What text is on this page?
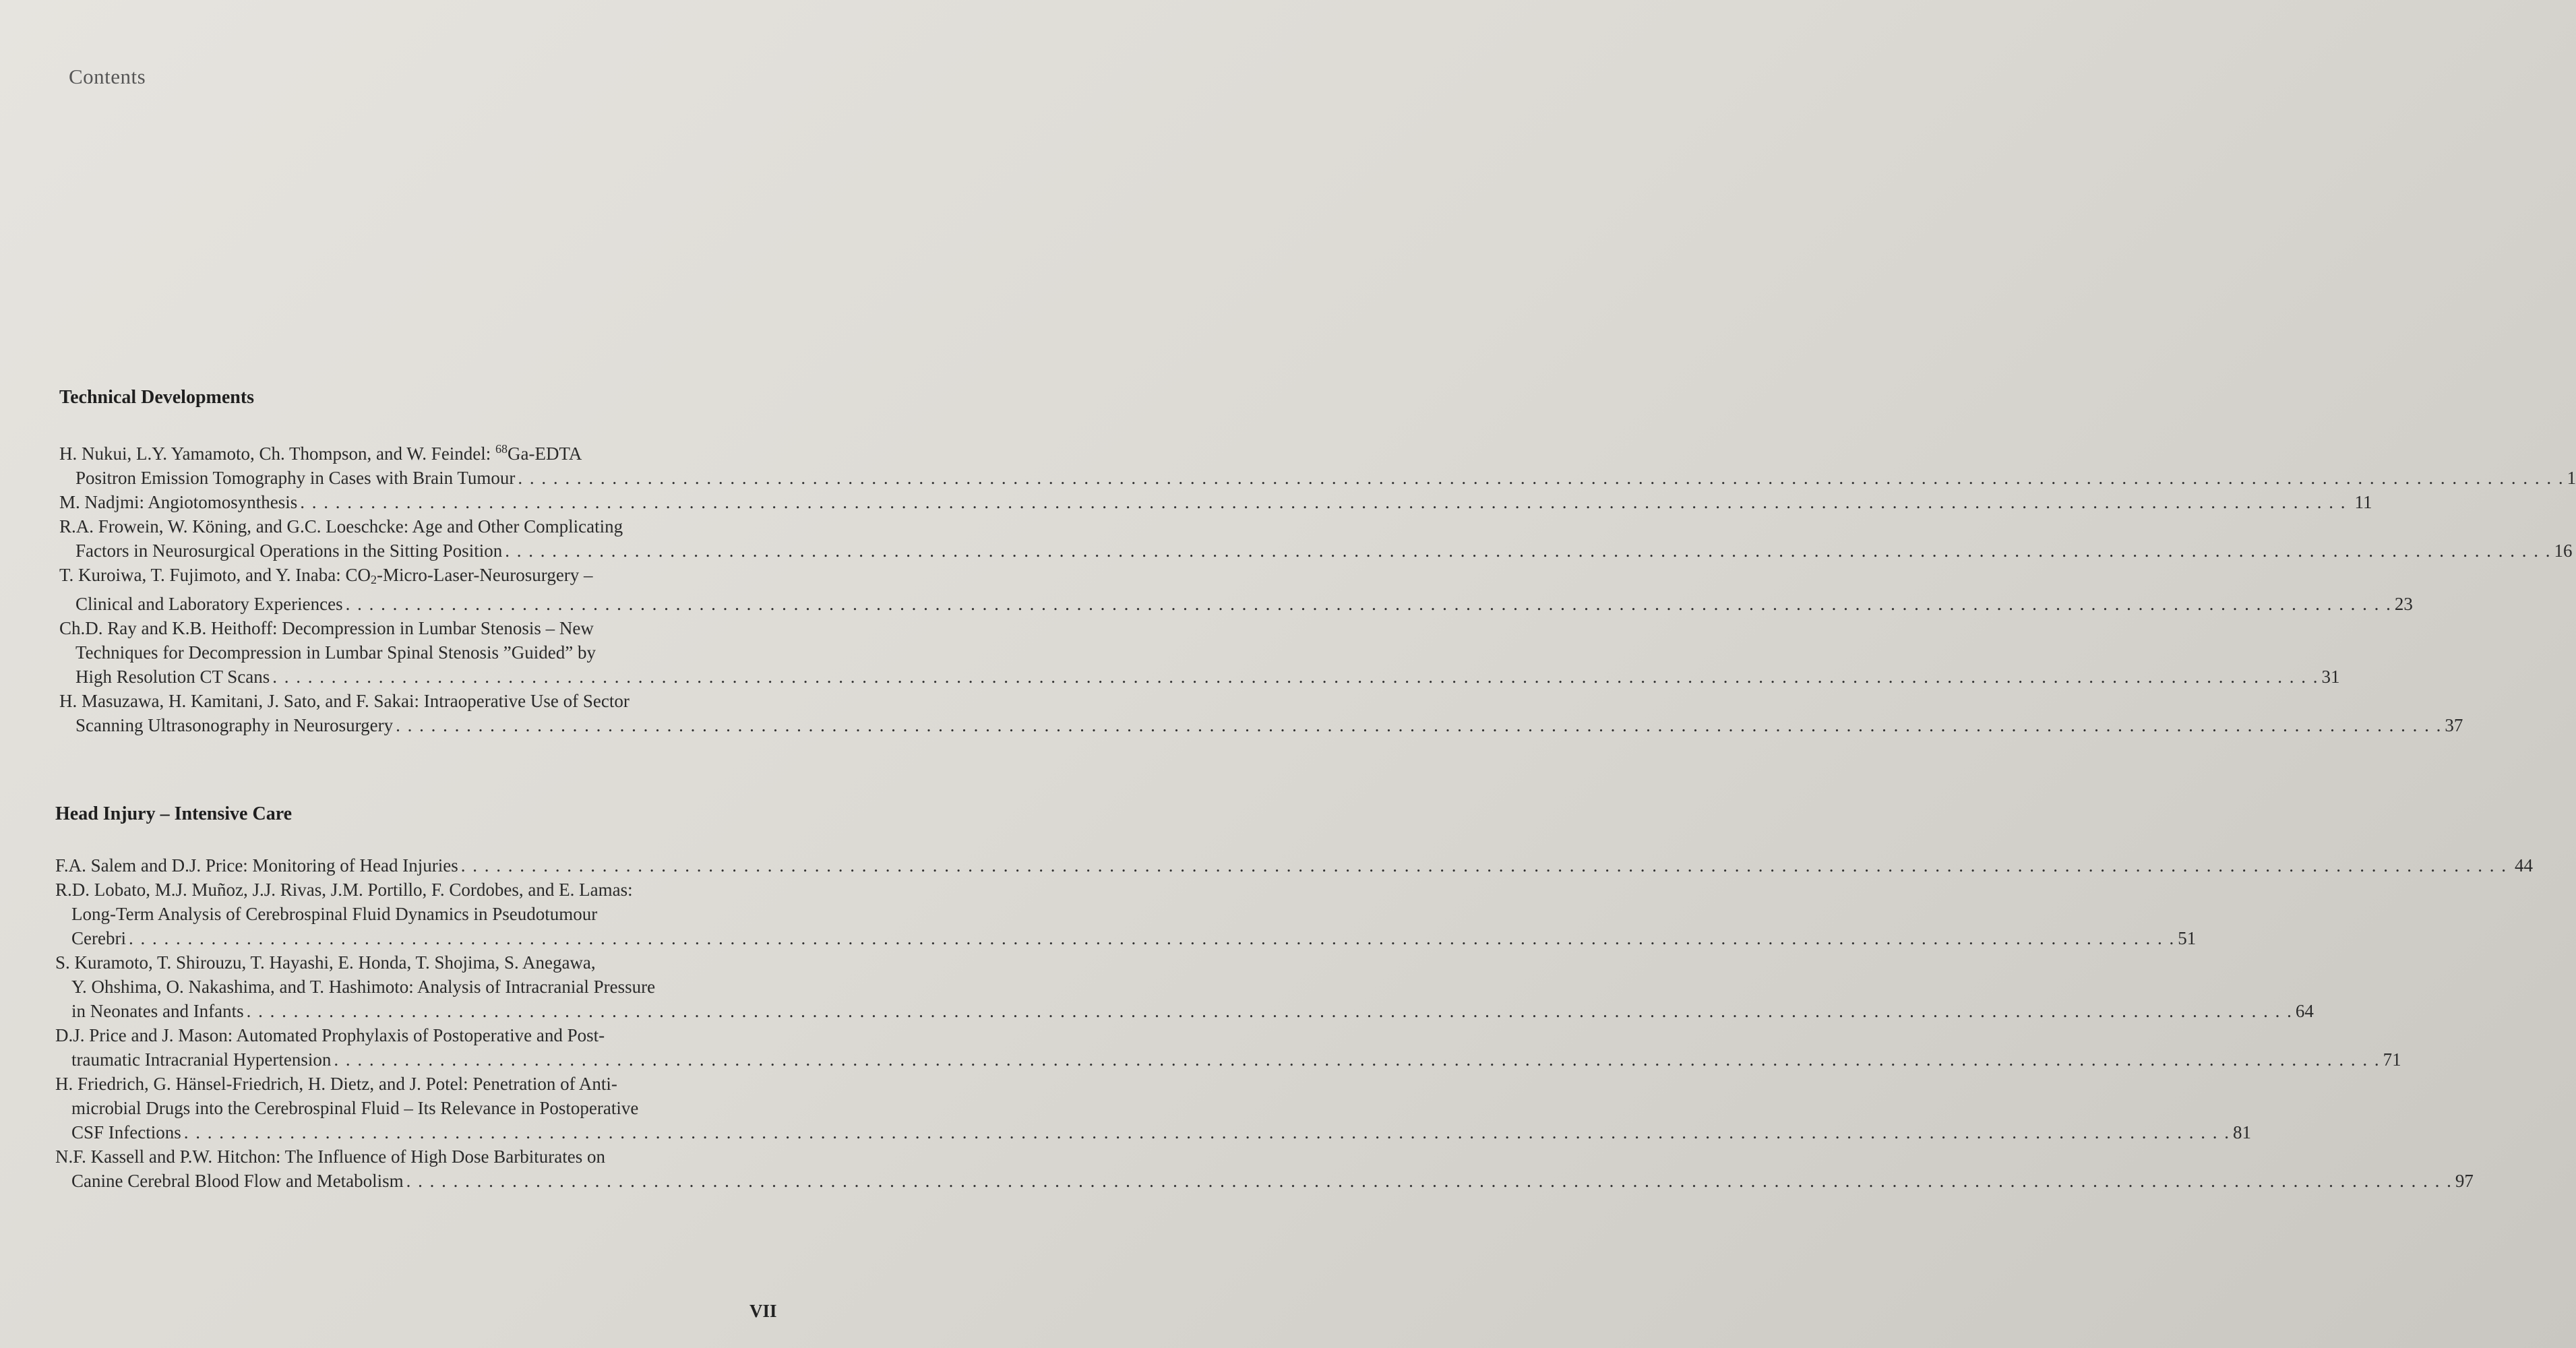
Contents
Technical Developments
H. Nukui, L.Y. Yamamoto, Ch. Thompson, and W. Feindel: $^{68}$Ga-EDTA
Positron Emission Tomography in Cases with Brain Tumour . . .	1
M. Nadjmi: Angiotomosynthesis . . .	11
R.A. Frowein, W. Köning, and G.C. Loeschcke: Age and Other Complicating
Factors in Neurosurgical Operations in the Sitting Position . . .	16
T. Kuroiwa, T. Fujimoto, and Y. Inaba: $CO_2-Micro-Laser$-Neurosurgery –
Clinical and Laboratory Experiences . . .	23
Ch.D. Ray and K.B. Heithoff: Decompression in Lumbar Stenosis – New
Techniques for Decompression in Lumbar Spinal Stenosis ”Guided” by
High Resolution CT Scans . . .	31
H. Masuzawa, H. Kamitani, J. Sato, and F. Sakai: Intraoperative Use of Sector
Scanning Ultrasonography in Neurosurgery . . .	37
Head Injury – Intensive Care
F.A. Salem and D.J. Price: Monitoring of Head Injuries . . .	44
R.D. Lobato, M.J. Muñoz, J.J. Rivas, J.M. Portillo, F. Cordobes, and E. Lamas:
Long-Term Analysis of Cerebrospinal Fluid Dynamics in Pseudotumour
Cerebri . . .	51
S. Kuramoto, T. Shirouzu, T. Hayashi, E. Honda, T. Shojima, S. Anegawa,
Y. Ohshima, O. Nakashima, and T. Hashimoto: Analysis of Intracranial Pressure
in Neonates and Infants . . .	64
D.J. Price and J. Mason: Automated Prophylaxis of Postoperative and Post-
traumatic Intracranial Hypertension . . .	71
H. Friedrich, G. Hänsel-Friedrich, H. Dietz, and J. Potel: Penetration of Anti-
microbial Drugs into the Cerebrospinal Fluid – Its Relevance in Postoperative
CSF Infections . . .	81
N.F. Kassell and P.W. Hitchon: The Influence of High Dose Barbiturates on
Canine Cerebral Blood Flow and Metabolism . . .	97
VII
